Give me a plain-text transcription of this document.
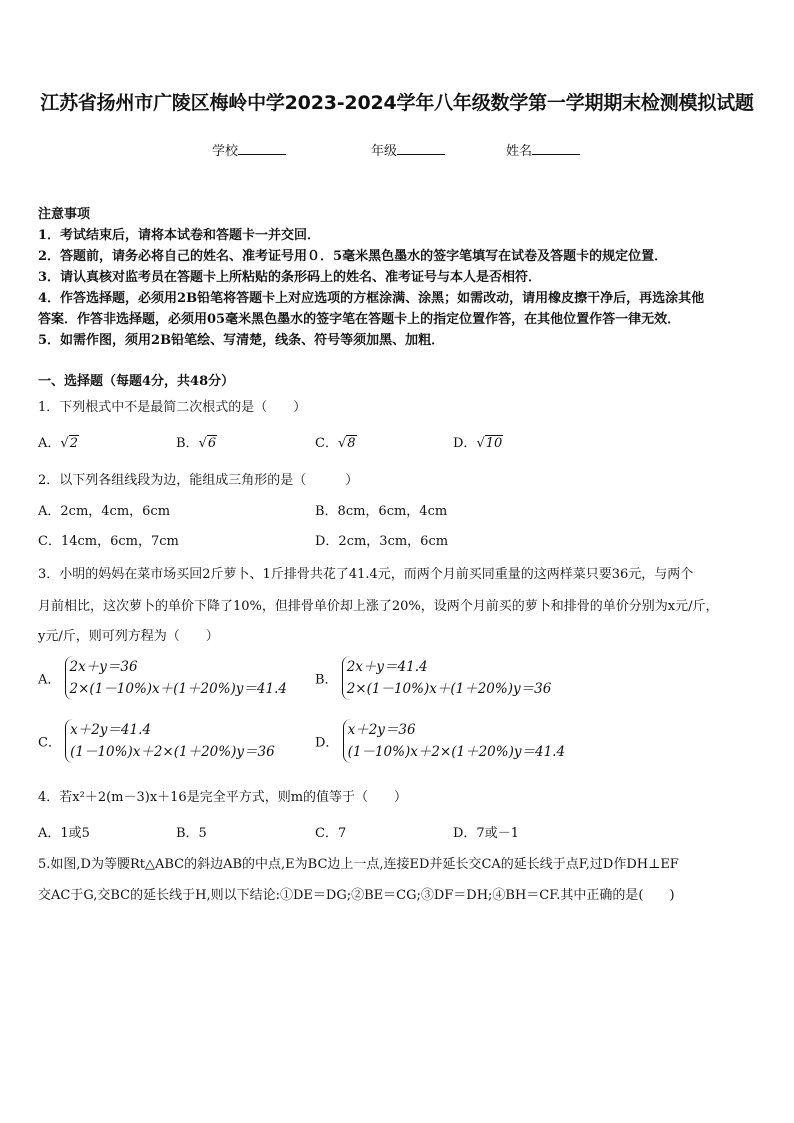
江苏省扬州市广陵区梅岭中学2023-2024学年八年级数学第一学期期末检测模拟试题
学校	年级	姓名
注意事项
1．考试结束后，请将本试卷和答题卡一并交回．
2．答题前，请务必将自己的姓名、准考证号用０．5毫米黑色墨水的签字笔填写在试卷及答题卡的规定位置．
3．请认真核对监考员在答题卡上所粘贴的条形码上的姓名、准考证号与本人是否相符．
4．作答选择题，必须用2B铅笔将答题卡上对应选项的方框涂满、涂黑；如需改动，请用橡皮擦干净后，再选涂其他
答案．作答非选择题，必须用05毫米黑色墨水的签字笔在答题卡上的指定位置作答，在其他位置作答一律无效．
5．如需作图，须用2B铅笔绘、写清楚，线条、符号等须加黑、加粗．
一、选择题（每题4分，共48分）
1．下列根式中不是最简二次根式的是（　　）
A．√2	B．√6	C．√8	D．√10
2．以下列各组线段为边，能组成三角形的是（　　　）
A．2cm，4cm，6cm	B．8cm，6cm，4cm
C．14cm，6cm，7cm	D．2cm，3cm，6cm
3．小明的妈妈在菜市场买回2斤萝卜、1斤排骨共花了41.4元，而两个月前买同重量的这两样菜只要36元，与两个
月前相比，这次萝卜的单价下降了10%，但排骨单价却上涨了20%，设两个月前买的萝卜和排骨的单价分别为x元/斤，
y元/斤，则可列方程为（　　）
A．
2x＋y＝36
2×(1－10%)x＋(1＋20%)y＝41.4
B．
2x＋y＝41.4
2×(1－10%)x＋(1＋20%)y＝36
C．
x＋2y＝41.4
(1－10%)x＋2×(1＋20%)y＝36
D．
x＋2y＝36
(1－10%)x＋2×(1＋20%)y＝41.4
4．若x²＋2(m－3)x＋16是完全平方式，则m的值等于（　　）
A．1或5	B．5	C．7	D．7或－1
5.如图,D为等腰Rt△ABC的斜边AB的中点,E为BC边上一点,连接ED并延长交CA的延长线于点F,过D作DH⊥EF
交AC于G,交BC的延长线于H,则以下结论:①DE＝DG;②BE＝CG;③DF＝DH;④BH＝CF.其中正确的是(　　)
